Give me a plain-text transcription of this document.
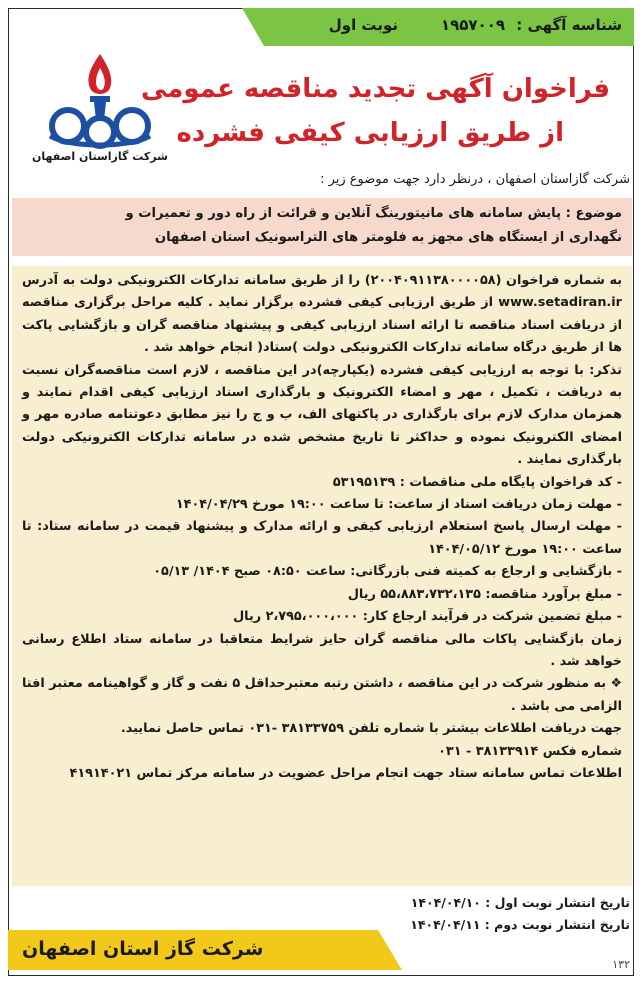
شناسه آگهی : ۱۹۵۷۰۰۹
نوبت اول
شرکت گازاستان اصفهان
فراخوان آگهی تجدید مناقصه عمومی
از طریق ارزیابی کیفی فشرده
شرکت گازاستان اصفهان ، درنظر دارد جهت موضوع زیر :
موضوع : پایش سامانه های مانیتورینگ آنلاین و قرائت از راه دور و تعمیرات و
نگهداری از ایستگاه های مجهز به فلومتر های التراسونیک استان اصفهان

به شماره فراخوان (۲۰۰۴۰۹۱۱۳۸۰۰۰۰۵۸) را از طریق سامانه تدارکات الکترونیکی دولت به آدرس www.setadiran.ir از طریق ارزیابی کیفی فشرده برگزار نماید . کلیه مراحل برگزاری مناقصه از دریافت اسناد مناقصه تا ارائه اسناد ارزیابی کیفی و پیشنهاد مناقصه گران و بازگشایی پاکت ها از طریق درگاه سامانه تدارکات الکترونیکی دولت )ستاد( انجام خواهد شد .

تذکر: با توجه به ارزیابی کیفی فشرده (یکپارچه)در این مناقصه ، لازم است مناقصه‌گران نسبت به دریافت ، تکمیل ، مهر و امضاء الکترونیک و بارگذاری اسناد ارزیابی کیفی اقدام نمایند و همزمان مدارک لازم برای بارگذاری در پاکتهای الف، ب و ج را نیز مطابق دعوتنامه صادره مهر و امضای الکترونیک نموده و حداکثر تا تاریخ مشخص شده در سامانه تدارکات الکترونیکی دولت بارگذاری نمایند .

- کد فراخوان پایگاه ملی مناقصات : ۵۳۱۹۵۱۳۹

- مهلت زمان دریافت اسناد از ساعت: تا ساعت ۱۹:۰۰ مورخ ۱۴۰۴/۰۴/۲۹

- مهلت ارسال پاسخ استعلام ارزیابی کیفی و ارائه مدارک و پیشنهاد قیمت در سامانه ستاد: تا ساعت ۱۹:۰۰ مورخ ۱۴۰۴/۰۵/۱۲

- بازگشایی و ارجاع به کمیته فنی بازرگانی: ساعت ۰۸:۵۰ صبح ۱۴۰۴/ ۰۵/۱۳

- مبلغ برآورد مناقصه: ۵۵،۸۸۳،۷۳۲،۱۳۵ ریال

- مبلغ تضمین شرکت در فرآیند ارجاع کار: ۲،۷۹۵،۰۰۰،۰۰۰ ریال

زمان بازگشایی پاکات مالی مناقصه گران حایز شرایط متعاقبا در سامانه ستاد اطلاع رسانی خواهد شد .

❖ به منظور شرکت در این مناقصه ، داشتن رتبه معتبرحداقل ۵ نفت و گاز و گواهینامه معتبر افتا الزامی می باشد .

جهت دریافت اطلاعات بیشتر با شماره تلفن ۳۸۱۳۳۷۵۹ -۰۳۱ تماس حاصل نمایید.

شماره فکس ۳۸۱۳۳۹۱۴ - ۰۳۱

اطلاعات تماس سامانه ستاد جهت انجام مراحل عضویت در سامانه مرکز تماس ۴۱۹۱۴۰۲۱

تاریخ انتشار نوبت اول : ۱۴۰۴/۰۴/۱۰
تاریخ انتشار نوبت دوم : ۱۴۰۴/۰۴/۱۱
شرکت گاز استان اصفهان
۱۳۲
